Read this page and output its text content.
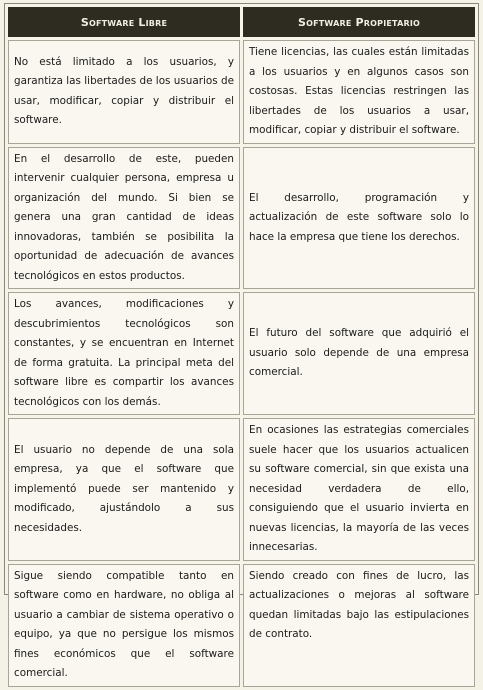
Software Libre	Software Propietario
No está limitado a los usuarios, y garantiza las libertades de los usuarios de usar, modificar, copiar y distribuir el software.	Tiene licencias, las cuales están limitadas a los usuarios y en algunos casos son costosas. Estas licencias restringen las libertades de los usuarios a usar, modificar, copiar y distribuir el software.
En el desarrollo de este, pueden intervenir cualquier persona, empresa u organización del mundo. Si bien se genera una gran cantidad de ideas innovadoras, también se posibilita la oportunidad de adecuación de avances tecnológicos en estos productos.	El desarrollo, programación y actualización de este software solo lo hace la empresa que tiene los derechos.
Los avances, modificaciones y descubrimientos tecnológicos son constantes, y se encuentran en Internet de forma gratuita. La principal meta del software libre es compartir los avances tecnológicos con los demás.	El futuro del software que adquirió el usuario solo depende de una empresa comercial.
El usuario no depende de una sola empresa, ya que el software que implementó puede ser mantenido y modificado, ajustándolo a sus necesidades.	En ocasiones las estrategias comerciales suele hacer que los usuarios actualicen su software comercial, sin que exista una necesidad verdadera de ello, consiguiendo que el usuario invierta en nuevas licencias, la mayoría de las veces innecesarias.
Sigue siendo compatible tanto en software como en hardware, no obliga al usuario a cambiar de sistema operativo o equipo, ya que no persigue los mismos fines económicos que el software comercial.	Siendo creado con fines de lucro, las actualizaciones o mejoras al software quedan limitadas bajo las estipulaciones de contrato.
